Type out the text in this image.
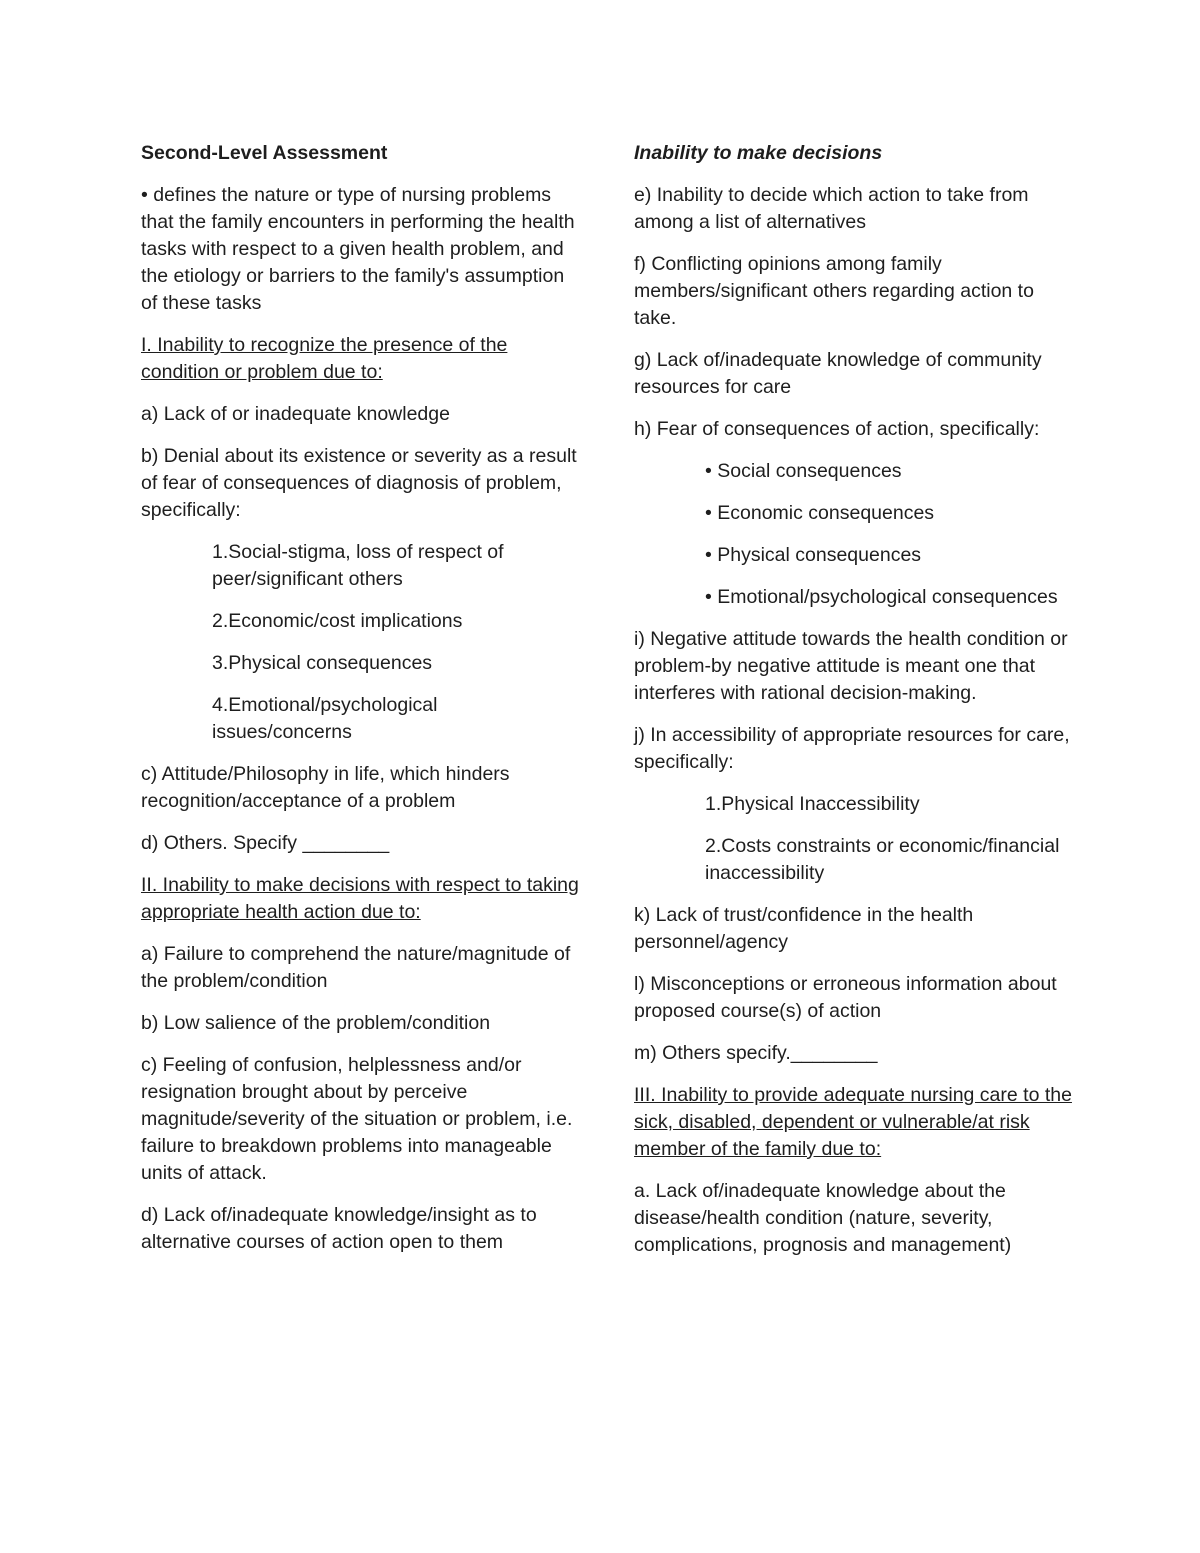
Second-Level Assessment

• defines the nature or type of nursing problems that the family encounters in performing the health tasks with respect to a given health problem, and the etiology or barriers to the family's assumption of these tasks

I. Inability to recognize the presence of the condition or problem due to:

a) Lack of or inadequate knowledge

b) Denial about its existence or severity as a result of fear of consequences of diagnosis of problem, specifically:

1.Social-stigma, loss of respect of peer/significant others

2.Economic/cost implications

3.Physical consequences

4.Emotional/psychological issues/concerns

c) Attitude/Philosophy in life, which hinders recognition/acceptance of a problem

d) Others. Specify ________

II. Inability to make decisions with respect to taking appropriate health action due to:

a) Failure to comprehend the nature/magnitude of the problem/condition

b) Low salience of the problem/condition

c) Feeling of confusion, helplessness and/or resignation brought about by perceive magnitude/severity of the situation or problem, i.e. failure to breakdown problems into manageable units of attack.

d) Lack of/inadequate knowledge/insight as to alternative courses of action open to them

Inability to make decisions

e) Inability to decide which action to take from among a list of alternatives

f) Conflicting opinions among family members/significant others regarding action to take.

g) Lack of/inadequate knowledge of community resources for care

h) Fear of consequences of action, specifically:

• Social consequences

• Economic consequences

• Physical consequences

• Emotional/psychological consequences

i) Negative attitude towards the health condition or problem-by negative attitude is meant one that interferes with rational decision-making.

j) In accessibility of appropriate resources for care, specifically:

1.Physical Inaccessibility

2.Costs constraints or economic/financial inaccessibility

k) Lack of trust/confidence in the health personnel/agency

l) Misconceptions or erroneous information about proposed course(s) of action

m) Others specify.________

III. Inability to provide adequate nursing care to the sick, disabled, dependent or vulnerable/at risk member of the family due to:

a. Lack of/inadequate knowledge about the disease/health condition (nature, severity, complications, prognosis and management)
